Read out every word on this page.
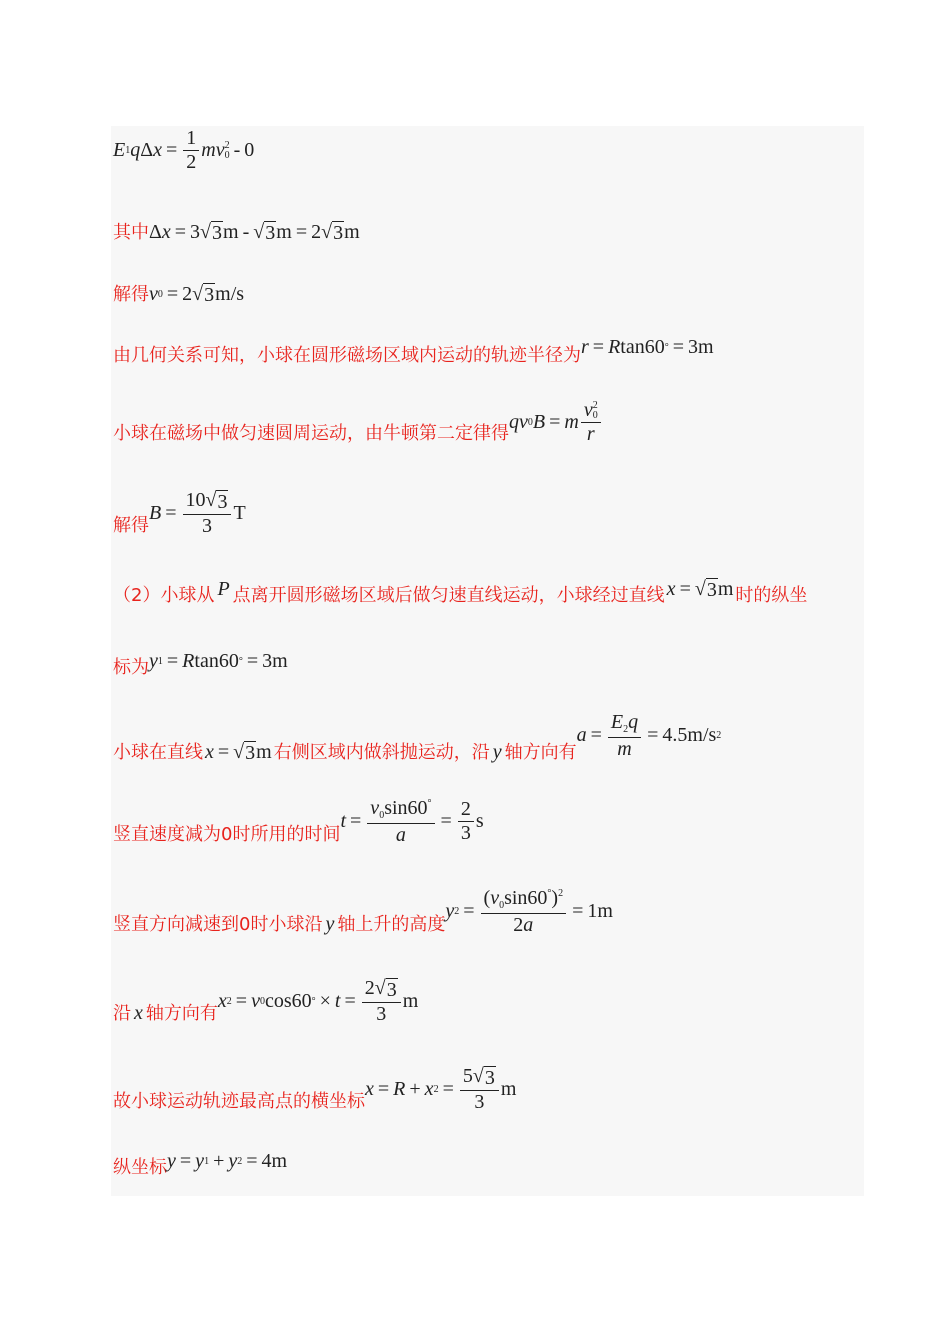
E 1 q Δ $x = \frac{1}{2}$ mv 2
0 - 0
其中 Δ x = 3 √ 3 m - √ 3 m = 2 √ 3 m
解得 v 0 = 2 √ 3 m/s
由几何关系可知，小球在圆形磁场区域内运动的轨迹半径为 r = R tan60 ° = 3m
小球在磁场中做匀速圆周运动，由牛顿第二定律得
qv 0 B = m v 2
0
r
解得
$B = \frac{10√ 3}{3}$ T
（2）小球从 P 点离开圆形磁场区域后做匀速直线运动，小球经过直线 x = √ 3 m 时的纵坐
标为 y 1 = R tan60 ° = 3m
小球在直线 x = √ 3 m 右侧区域内做斜抛运动，沿 y 轴方向有
$a = \frac{E_2q}{m} = 4.5m/s$ 2
竖直速度减为0时所用的时间
$t = \frac{v_0\sin 60^\circ}{a} = \frac{2}{3}$ s
竖直方向减速到0时小球沿 y 轴上升的高度
y $2 = \frac{(v_0\sin 60^\circ)^2}{2a} = 1m$
沿 x 轴方向有
x 2 = v 0 cos60 ° × $t = \frac{2√ 3}{3}$ m
故小球运动轨迹最高点的横坐标
x = R + x $2 = \frac{5√ 3}{3}$ m
纵坐标 y = y 1 + y 2 = 4m
